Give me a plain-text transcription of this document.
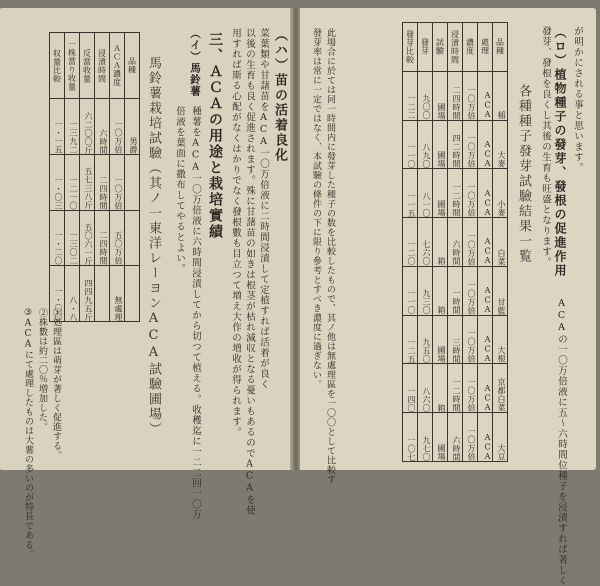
（ハ）苗の活着良化
菜葉類や甘藷苗をACA一〇万倍液に二時間浸漬して定植すれば活着が良く
以後の生育も良く促進されます。殊に甘藷苗の如きは根茎が枯れ減収となる憂いもあるのでACAを使
用すれば斯る心配がなくはかりでなく發根數も目立つて増え大作の増收が得られます。
三、ＡＣＡの用途と栽培實績
（イ）馬鈴薯
種薯をACA一〇万倍液に六時間浸漬してから切つて植える。收穫迄に一二二回一〇万
倍液を葉面に撒布してやるとよい。
馬鈴薯栽培試驗（其ノ一東洋レーヨンACA試驗圃場）
品種	ＡＣＡ濃度	浸漬時間	反當收量	一株當り收量	収量比較
男爵	一〇万倍	六時間	六二〇〇斤	一三九二	一・一五
	一〇万倍	二四時間	五七三八斤	一二一〇	一・〇三
	五〇万倍	二四時間	五〇六一斤	一三〇二	一・二〇
	無處理		四四九五斤	八・八	一・〇〇
①処理區は萌芽が著しく促進する。
②株數は約二〇％増加した。
③ACAにて處理したものは大薯の多いのが特長である。
が明かにされる事と思います。
（ロ）植物種子の發芽、發根の促進作用
ACAの一〇万倍液に五～六時間位種子を浸漬すれば著しく
發芽、發根を良くし其後の生育も旺盛となります。
各種種子發芽試驗結果一覧
品種	處理	濃度	浸漬時間	試驗	發芽	發芽比較
稲	ACA	一〇万倍	二四時間	圃場	九〇〇	一二二
大麥	ACA	一〇万倍	四二時間	圃場	八九〇	一一〇
小麥	ACA	一〇万倍	一二時間	圃場	八一〇	一一五
白菜	ACA	一〇万倍	六時間	箱	七六〇	一二〇
甘藍	ACA	一〇万倍	一時間	箱	九三〇	一一〇
大根	ACA	一〇万倍	三時間	圃場	九五〇	一二五
京都白菜	ACA	一〇万倍	一二時間	箱	八六〇	一四〇
大豆	ACA	一〇万倍	六時間	圃場	九七〇	一〇七
此場合に於ては同一時間内に發芽した種子の数を比較したもので、其ノ他は無處理區を一〇〇として比較す
發芽率は常に一定ではなく、本試驗の條件の下に限り參考とすべき濃度に過ぎない。
